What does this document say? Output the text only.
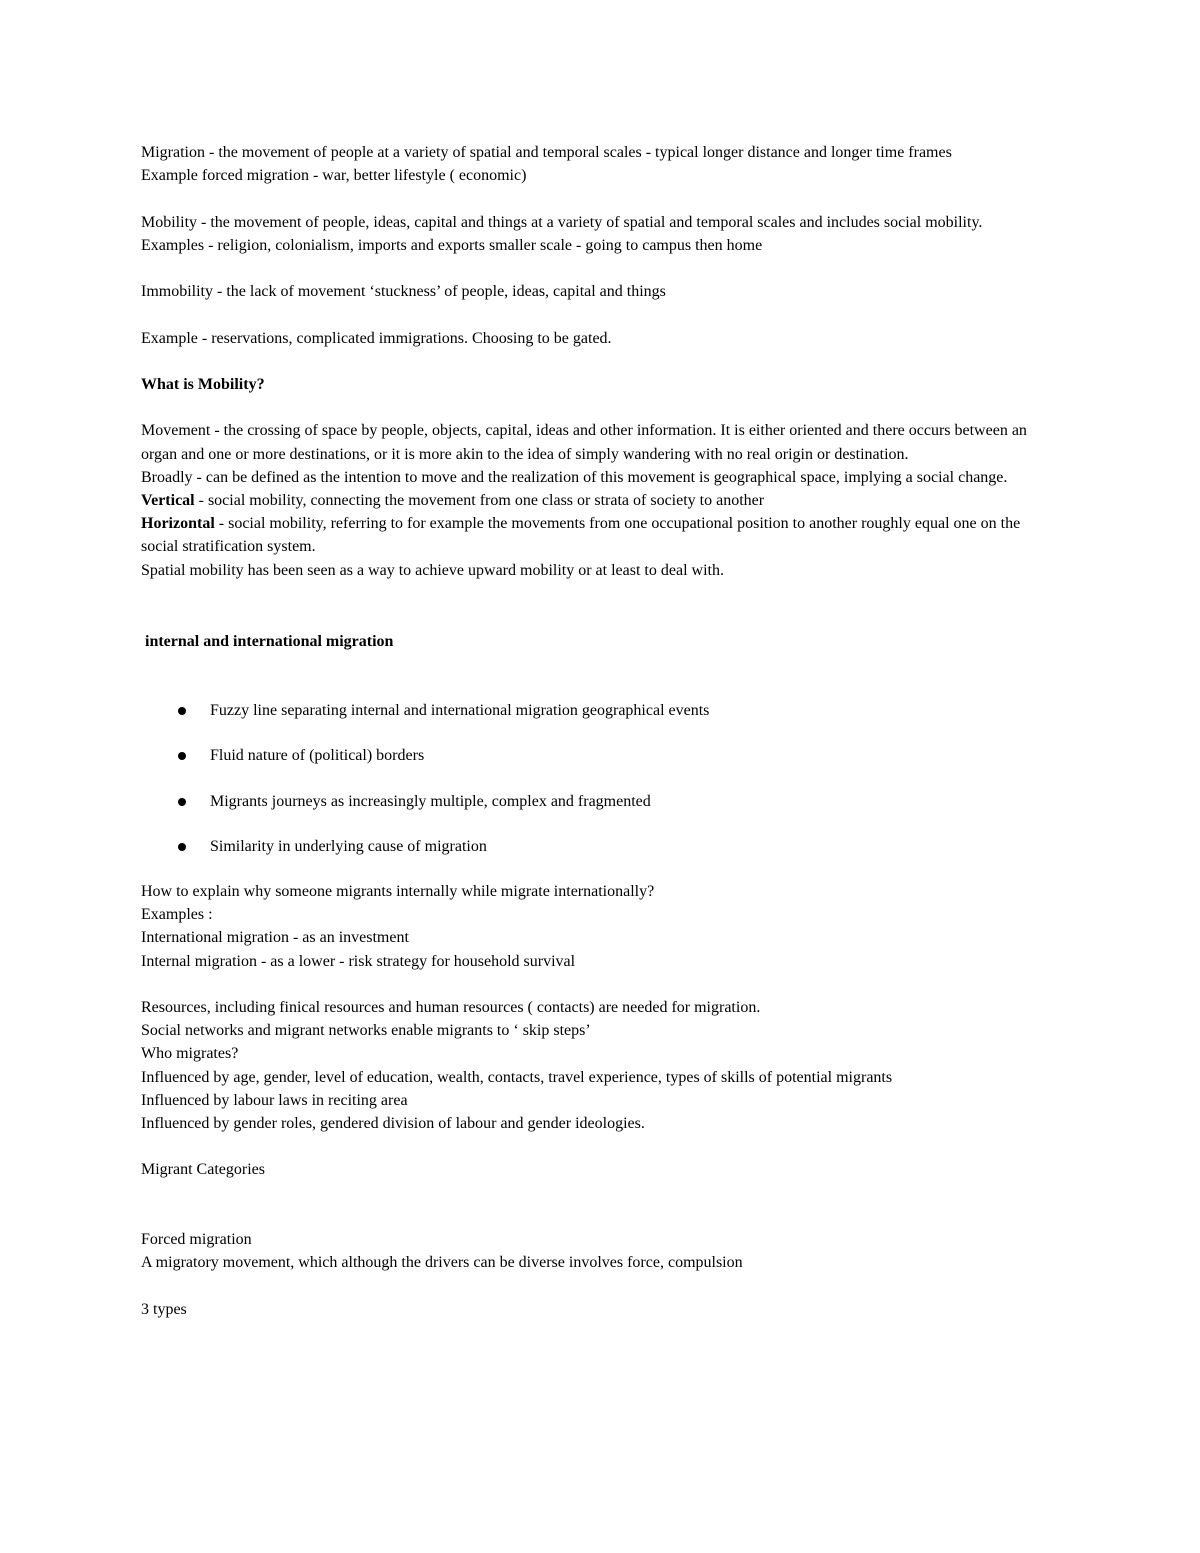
Migration - the movement of people at a variety of spatial and temporal scales - typical longer distance and longer time frames
Example forced migration - war, better lifestyle ( economic)
Mobility - the movement of people, ideas, capital and things at a variety of spatial and temporal scales and includes social mobility.
Examples - religion, colonialism, imports and exports smaller scale - going to campus then home
Immobility - the lack of movement ‘stuckness’ of people, ideas, capital and things
Example - reservations, complicated immigrations. Choosing to be gated.
What is Mobility?
Movement - the crossing of space by people, objects, capital, ideas and other information. It is either oriented and there occurs between an organ and one or more destinations, or it is more akin to the idea of simply wandering with no real origin or destination.
Broadly - can be defined as the intention to move and the realization of this movement is geographical space, implying a social change.
Vertical - social mobility, connecting the movement from one class or strata of society to another
Horizontal - social mobility, referring to for example the movements from one occupational position to another roughly equal one on the social stratification system.
Spatial mobility has been seen as a way to achieve upward mobility or at least to deal with.
internal and international migration
Fuzzy line separating internal and international migration geographical events
Fluid nature of (political) borders
Migrants journeys as increasingly multiple, complex and fragmented
Similarity in underlying cause of migration
How to explain why someone migrants internally while migrate internationally?
Examples :
International migration - as an investment
Internal migration - as a lower - risk strategy for household survival
Resources, including finical resources and human resources ( contacts) are needed for migration.
Social networks and migrant networks enable migrants to ‘ skip steps’
Who migrates?
Influenced by age, gender, level of education, wealth, contacts, travel experience, types of skills of potential migrants
Influenced by labour laws in reciting area
Influenced by gender roles, gendered division of labour and gender ideologies.
Migrant Categories
Forced migration
A migratory movement, which although the drivers can be diverse involves force, compulsion
3 types
